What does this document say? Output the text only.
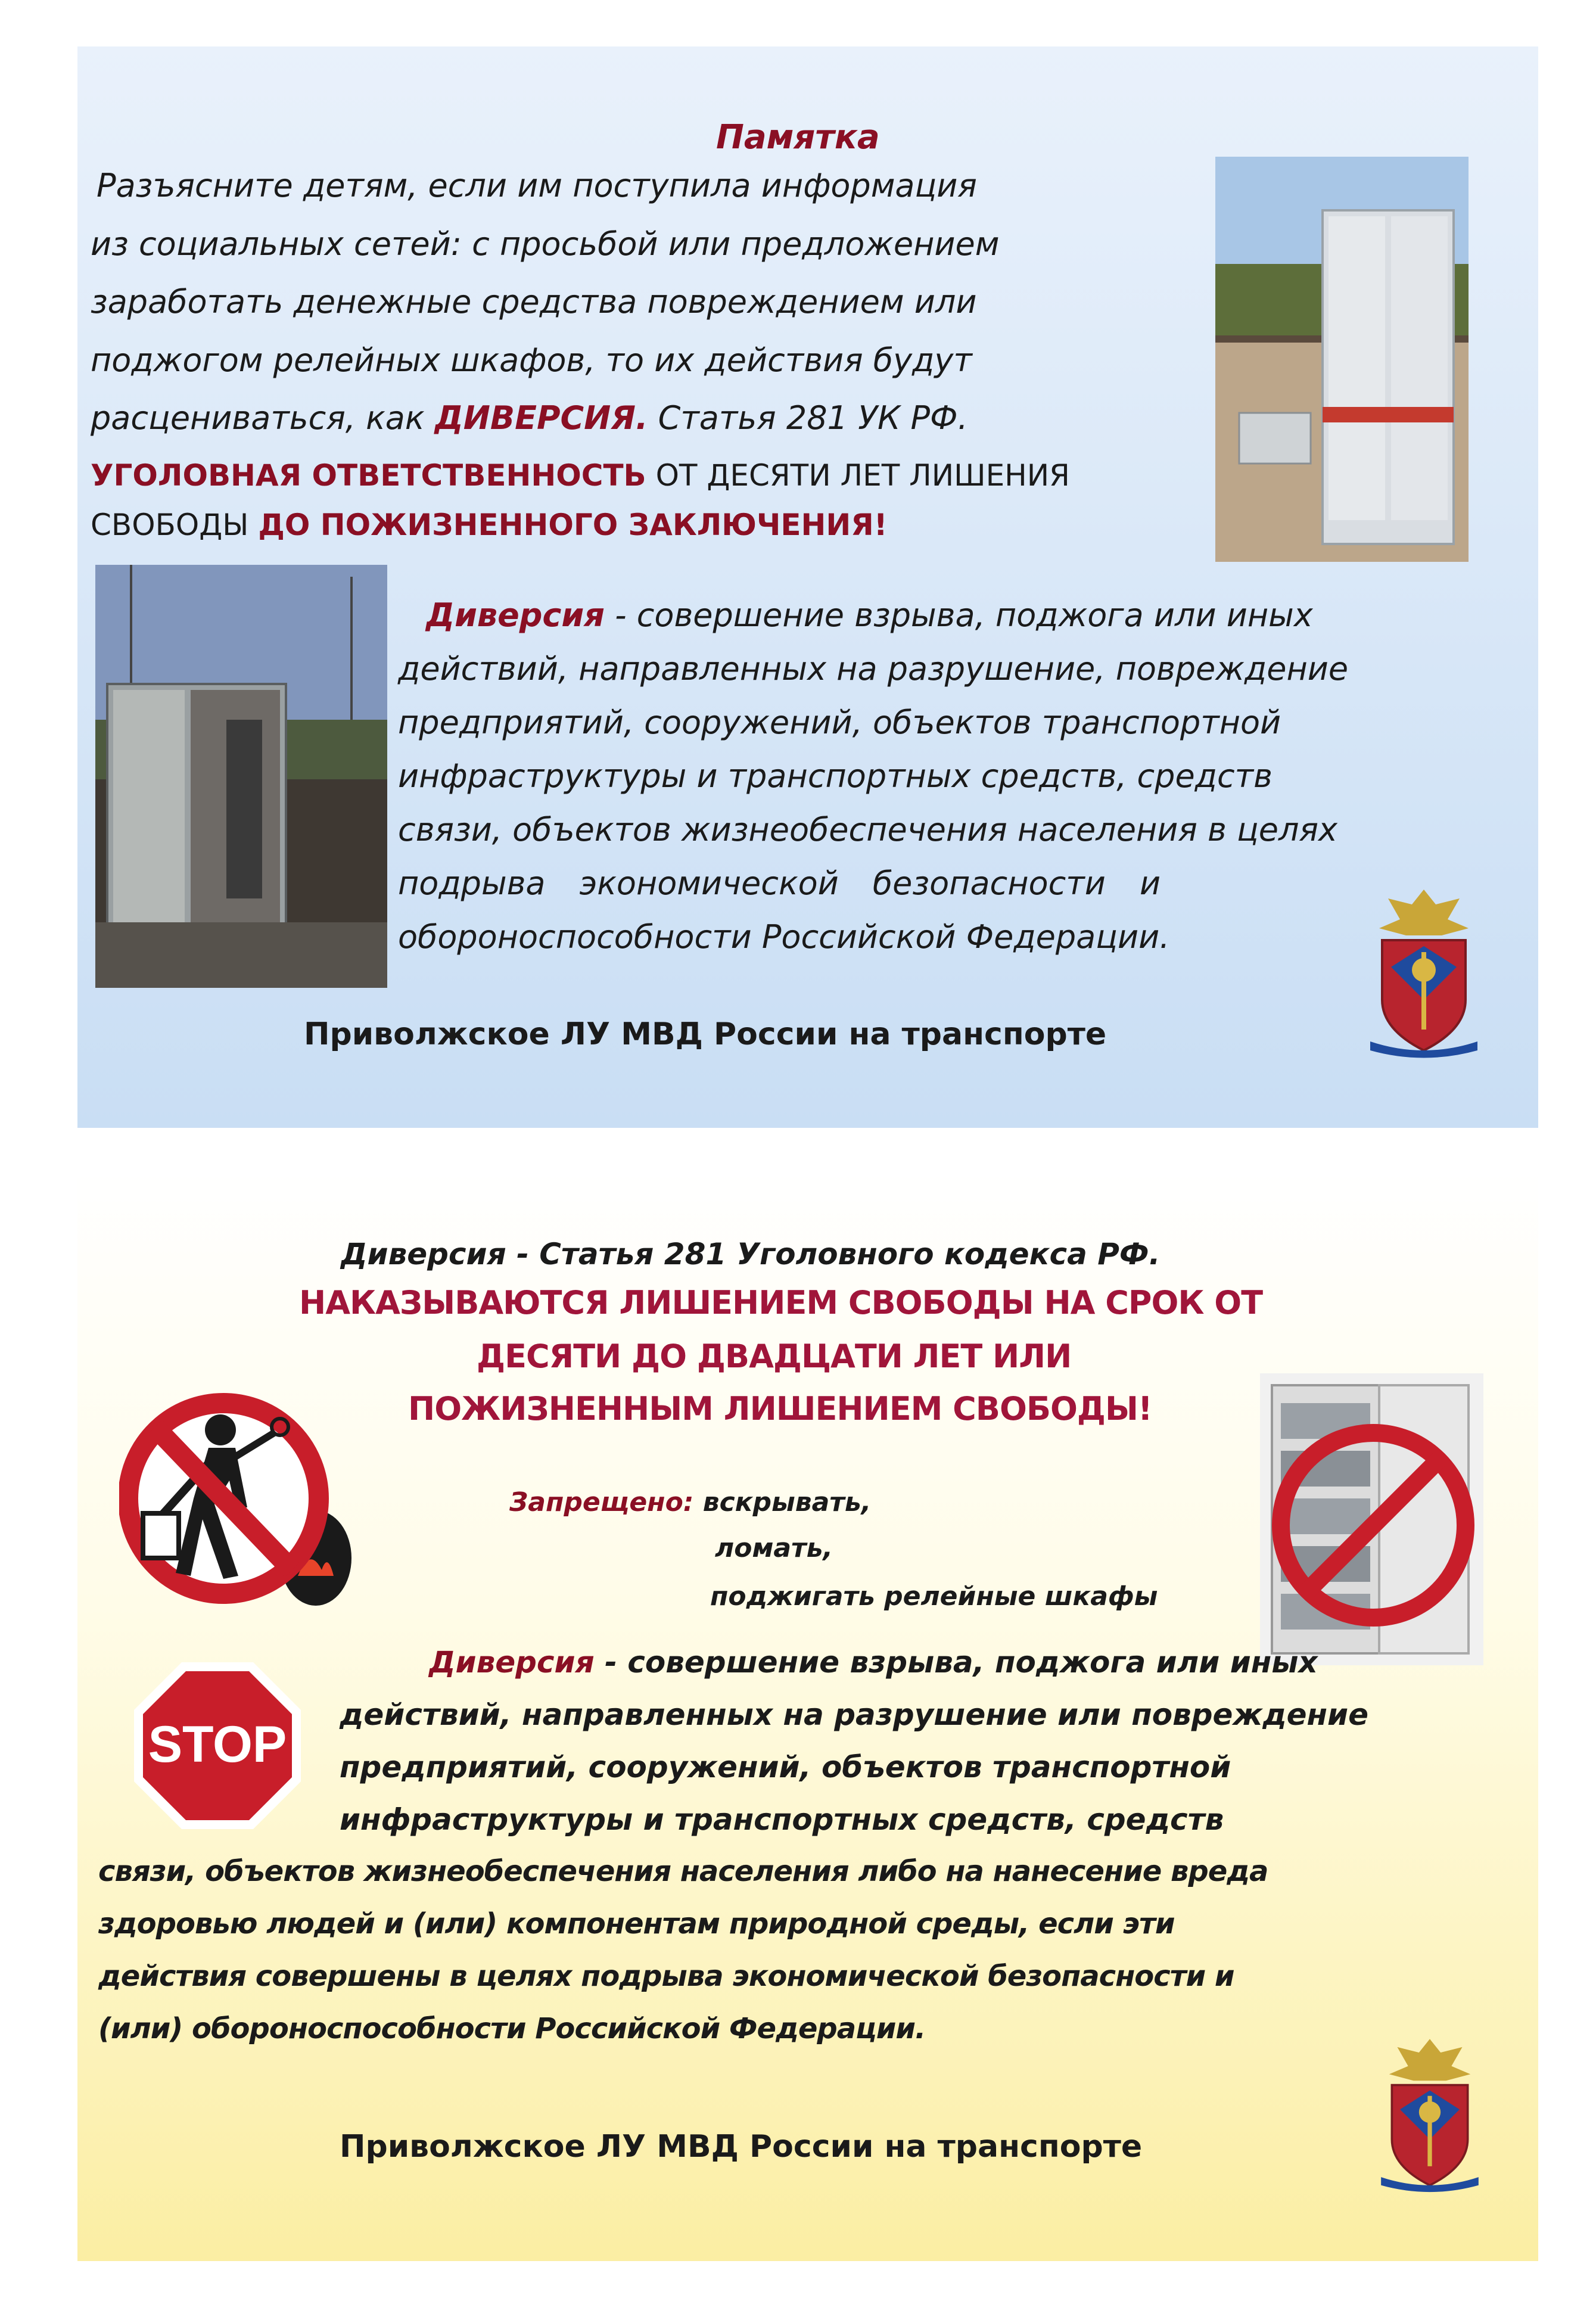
Памятка

Разъясните детям, если им поступила информация

из социальных сетей: с просьбой или предложением

заработать денежные средства повреждением или

поджогом релейных шкафов, то их действия будут

расцениваться, как ДИВЕРСИЯ. Статья 281 УК РФ.

УГОЛОВНАЯ ОТВЕТСТВЕННОСТЬ ОТ ДЕСЯТИ ЛЕТ ЛИШЕНИЯ

СВОБОДЫ ДО ПОЖИЗНЕННОГО ЗАКЛЮЧЕНИЯ!

Диверсия - совершение взрыва, поджога или иных

действий, направленных на разрушение, повреждение

предприятий, сооружений, объектов транспортной

инфраструктуры и транспортных средств, средств

связи, объектов жизнеобеспечения населения в целях

подрыва экономической безопасности и

обороноспособности Российской Федерации.

Приволжское ЛУ МВД России на транспорте

Диверсия - Статья 281 Уголовного кодекса РФ.

НАКАЗЫВАЮТСЯ ЛИШЕНИЕМ СВОБОДЫ НА СРОК ОТ

ДЕСЯТИ ДО ДВАДЦАТИ ЛЕТ ИЛИ

ПОЖИЗНЕННЫМ ЛИШЕНИЕМ СВОБОДЫ!

Запрещено: вскрывать,

ломать,

поджигать релейные шкафы

STOP

Диверсия - совершение взрыва, поджога или иных

действий, направленных на разрушение или повреждение

предприятий, сооружений, объектов транспортной

инфраструктуры и транспортных средств, средств

связи, объектов жизнеобеспечения населения либо на нанесение вреда

здоровью людей и (или) компонентам природной среды, если эти

действия совершены в целях подрыва экономической безопасности и

(или) обороноспособности Российской Федерации.

Приволжское ЛУ МВД России на транспорте
